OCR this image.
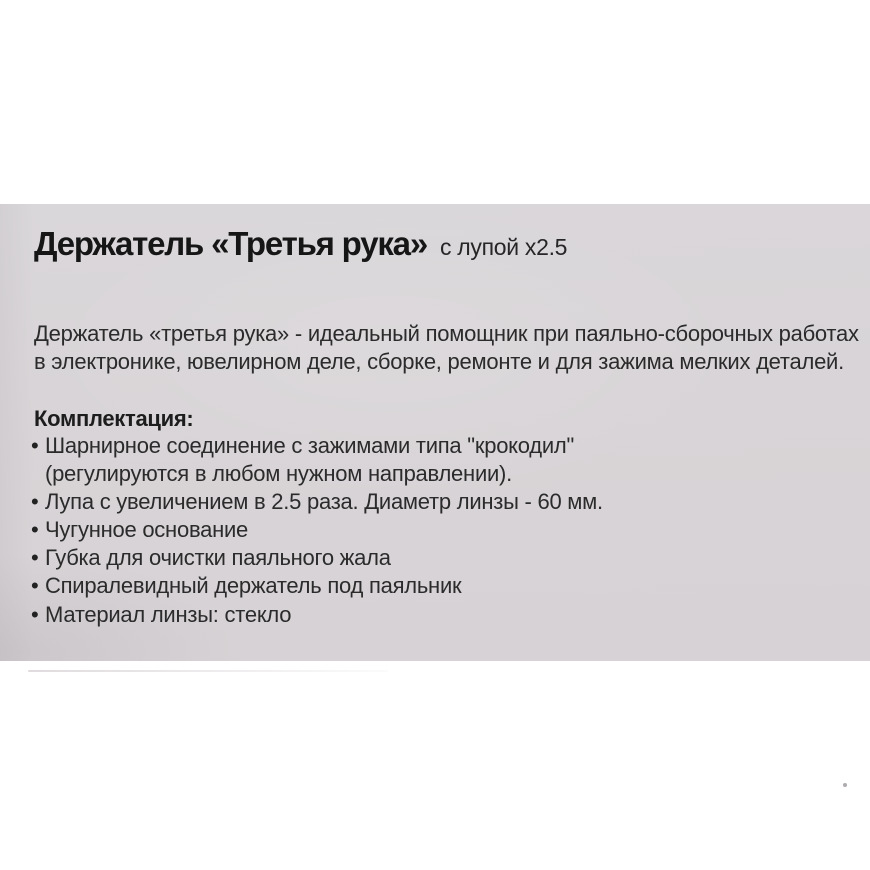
Держатель «Третья рука» с лупой х2.5
Держатель «третья рука» - идеальный помощник при паяльно-сборочных работах
в электронике, ювелирном деле, сборке, ремонте и для зажима мелких деталей.
Комплектация:
• Шарнирное соединение с зажимами типа "крокодил"
(регулируются в любом нужном направлении).
• Лупа с увеличением в 2.5 раза. Диаметр линзы - 60 мм.
• Чугунное основание
• Губка для очистки паяльного жала
• Спиралевидный держатель под паяльник
• Материал линзы: стекло
